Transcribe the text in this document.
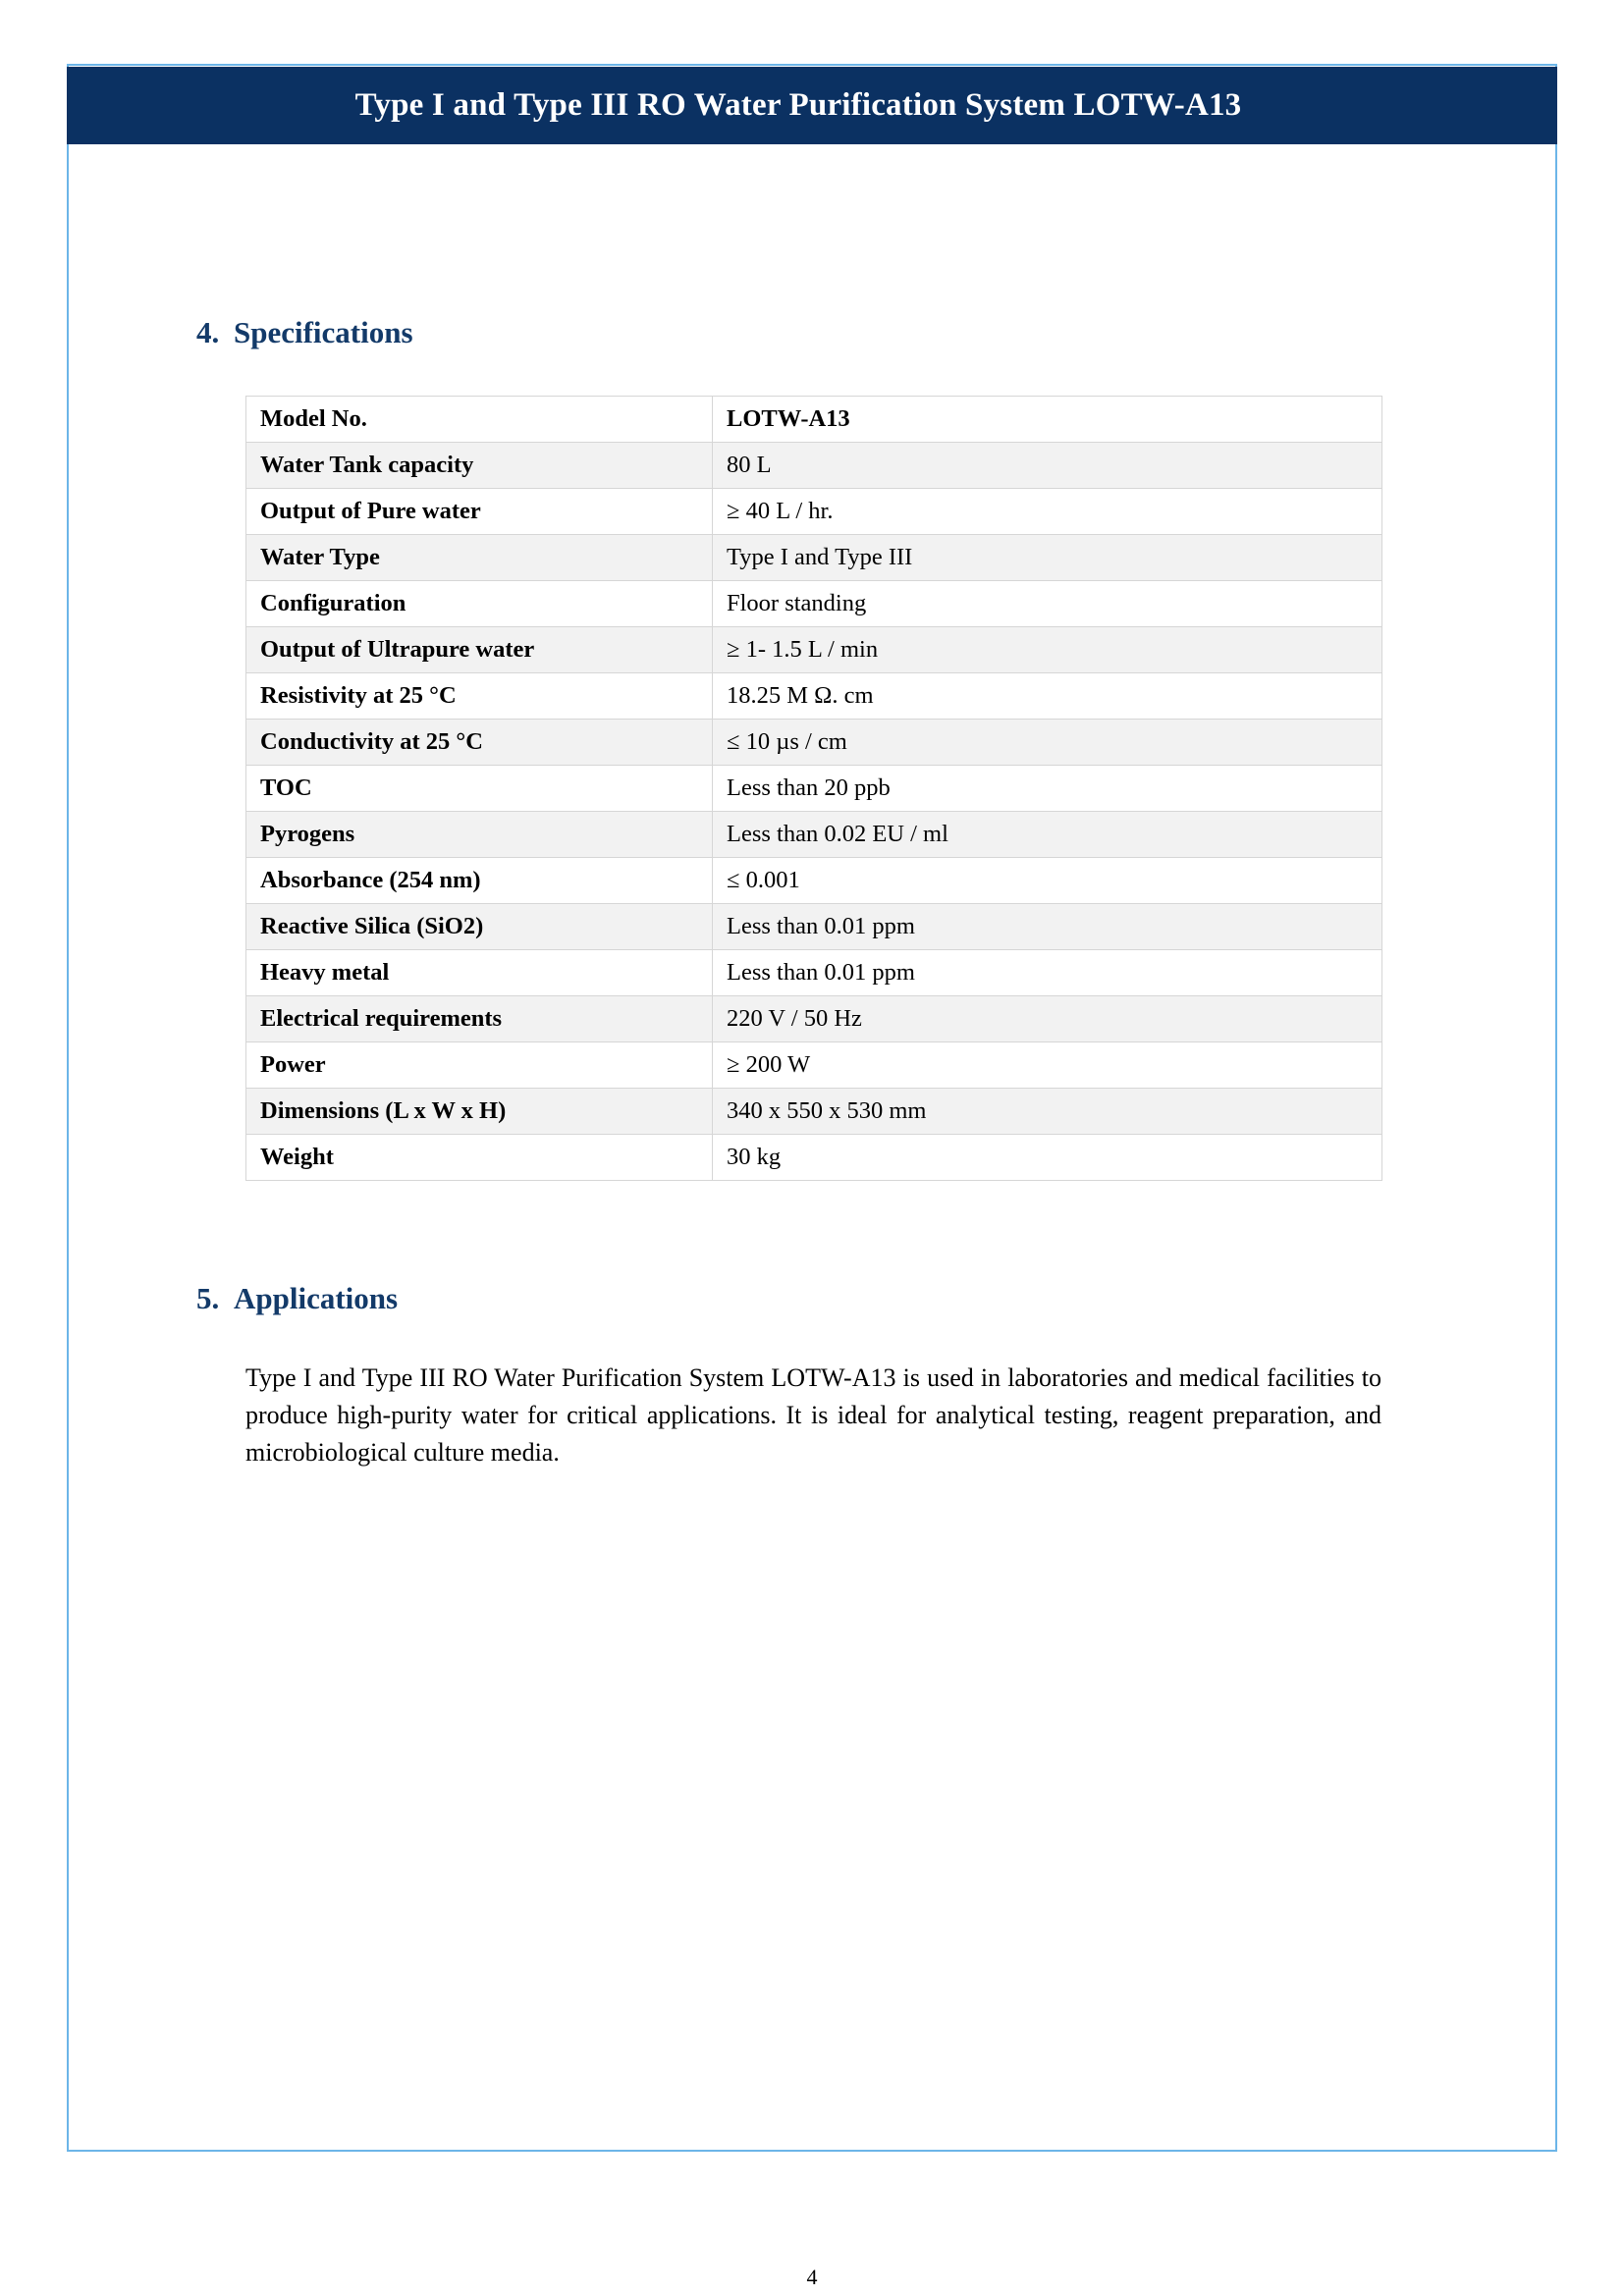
Type I and Type III RO Water Purification System LOTW-A13
4. Specifications
Model No.	LOTW-A13
Water Tank capacity	80 L
Output of Pure water	≥ 40 L / hr.
Water Type	Type I and Type III
Configuration	Floor standing
Output of Ultrapure water	≥ 1- 1.5 L / min
Resistivity at 25 °C	18.25 M Ω. cm
Conductivity at 25 °C	≤ 10 µs / cm
TOC	Less than 20 ppb
Pyrogens	Less than 0.02 EU / ml
Absorbance (254 nm)	≤ 0.001
Reactive Silica (SiO2)	Less than 0.01 ppm
Heavy metal	Less than 0.01 ppm
Electrical requirements	220 V / 50 Hz
Power	≥ 200 W
Dimensions (L x W x H)	340 x 550 x 530 mm
Weight	30 kg
5. Applications

Type I and Type III RO Water Purification System LOTW-A13 is used in laboratories and medical facilities to produce high-purity water for critical applications. It is ideal for analytical testing, reagent preparation, and microbiological culture media.

4
